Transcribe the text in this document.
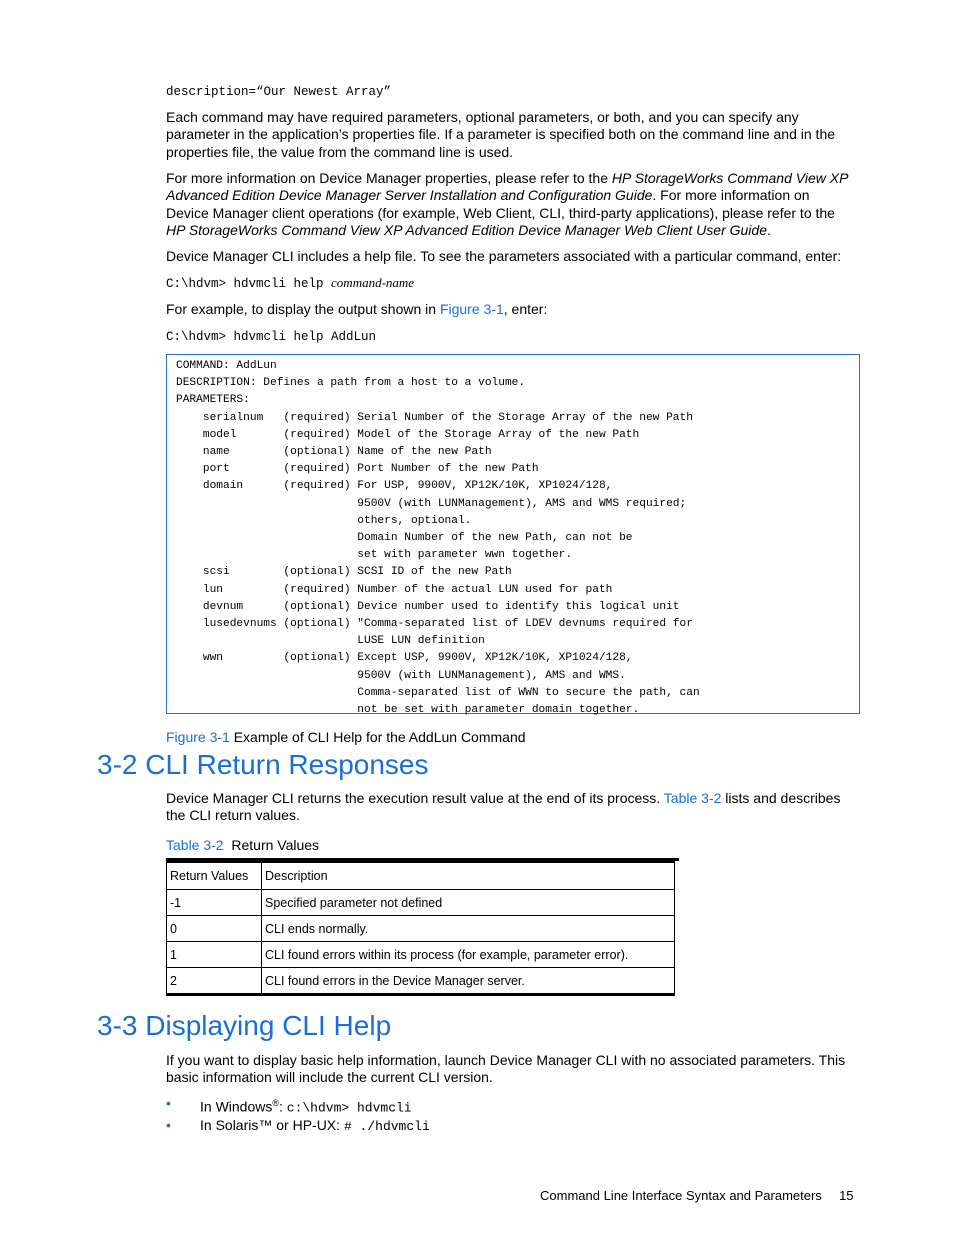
description=“Our Newest Array”

Each command may have required parameters, optional parameters, or both, and you can specify any parameter in the application’s properties file. If a parameter is specified both on the command line and in the properties file, the value from the command line is used.

For more information on Device Manager properties, please refer to the HP StorageWorks Command View XP Advanced Edition Device Manager Server Installation and Configuration Guide. For more information on Device Manager client operations (for example, Web Client, CLI, third-party applications), please refer to the HP StorageWorks Command View XP Advanced Edition Device Manager Web Client User Guide.

Device Manager CLI includes a help file. To see the parameters associated with a particular command, enter:

C:\hdvm> hdvmcli help command-name

For example, to display the output shown in Figure 3-1, enter:

C:\hdvm> hdvmcli help AddLun
COMMAND: AddLun
DESCRIPTION: Defines a path from a host to a volume.
PARAMETERS:
serialnum   (required) Serial Number of the Storage Array of the new Path
model       (required) Model of the Storage Array of the new Path
name        (optional) Name of the new Path
port        (required) Port Number of the new Path
domain      (required) For USP, 9900V, XP12K/10K, XP1024/128,
9500V (with LUNManagement), AMS and WMS required;
others, optional.
Domain Number of the new Path, can not be
set with parameter wwn together.
scsi        (optional) SCSI ID of the new Path
lun         (required) Number of the actual LUN used for path
devnum      (optional) Device number used to identify this logical unit
lusedevnums (optional) "Comma-separated list of LDEV devnums required for
LUSE LUN definition
wwn         (optional) Except USP, 9900V, XP12K/10K, XP1024/128,
9500V (with LUNManagement), AMS and WMS.
Comma-separated list of WWN to secure the path, can
not be set with parameter domain together.
Figure 3-1 Example of CLI Help for the AddLun Command
3-2 CLI Return Responses

Device Manager CLI returns the execution result value at the end of its process. Table 3-2 lists and describes the CLI return values.

Table 3-2  Return Values
Return Values	Description
-1	Specified parameter not defined
0	CLI ends normally.
1	CLI found errors within its process (for example, parameter error).
2	CLI found errors in the Device Manager server.
3-3 Displaying CLI Help

If you want to display basic help information, launch Device Manager CLI with no associated parameters. This basic information will include the current CLI version.

• In Windows®: c:\hdvm> hdvmcli
• In Solaris™ or HP-UX: # ./hdvmcli
Command Line Interface Syntax and Parameters 15
